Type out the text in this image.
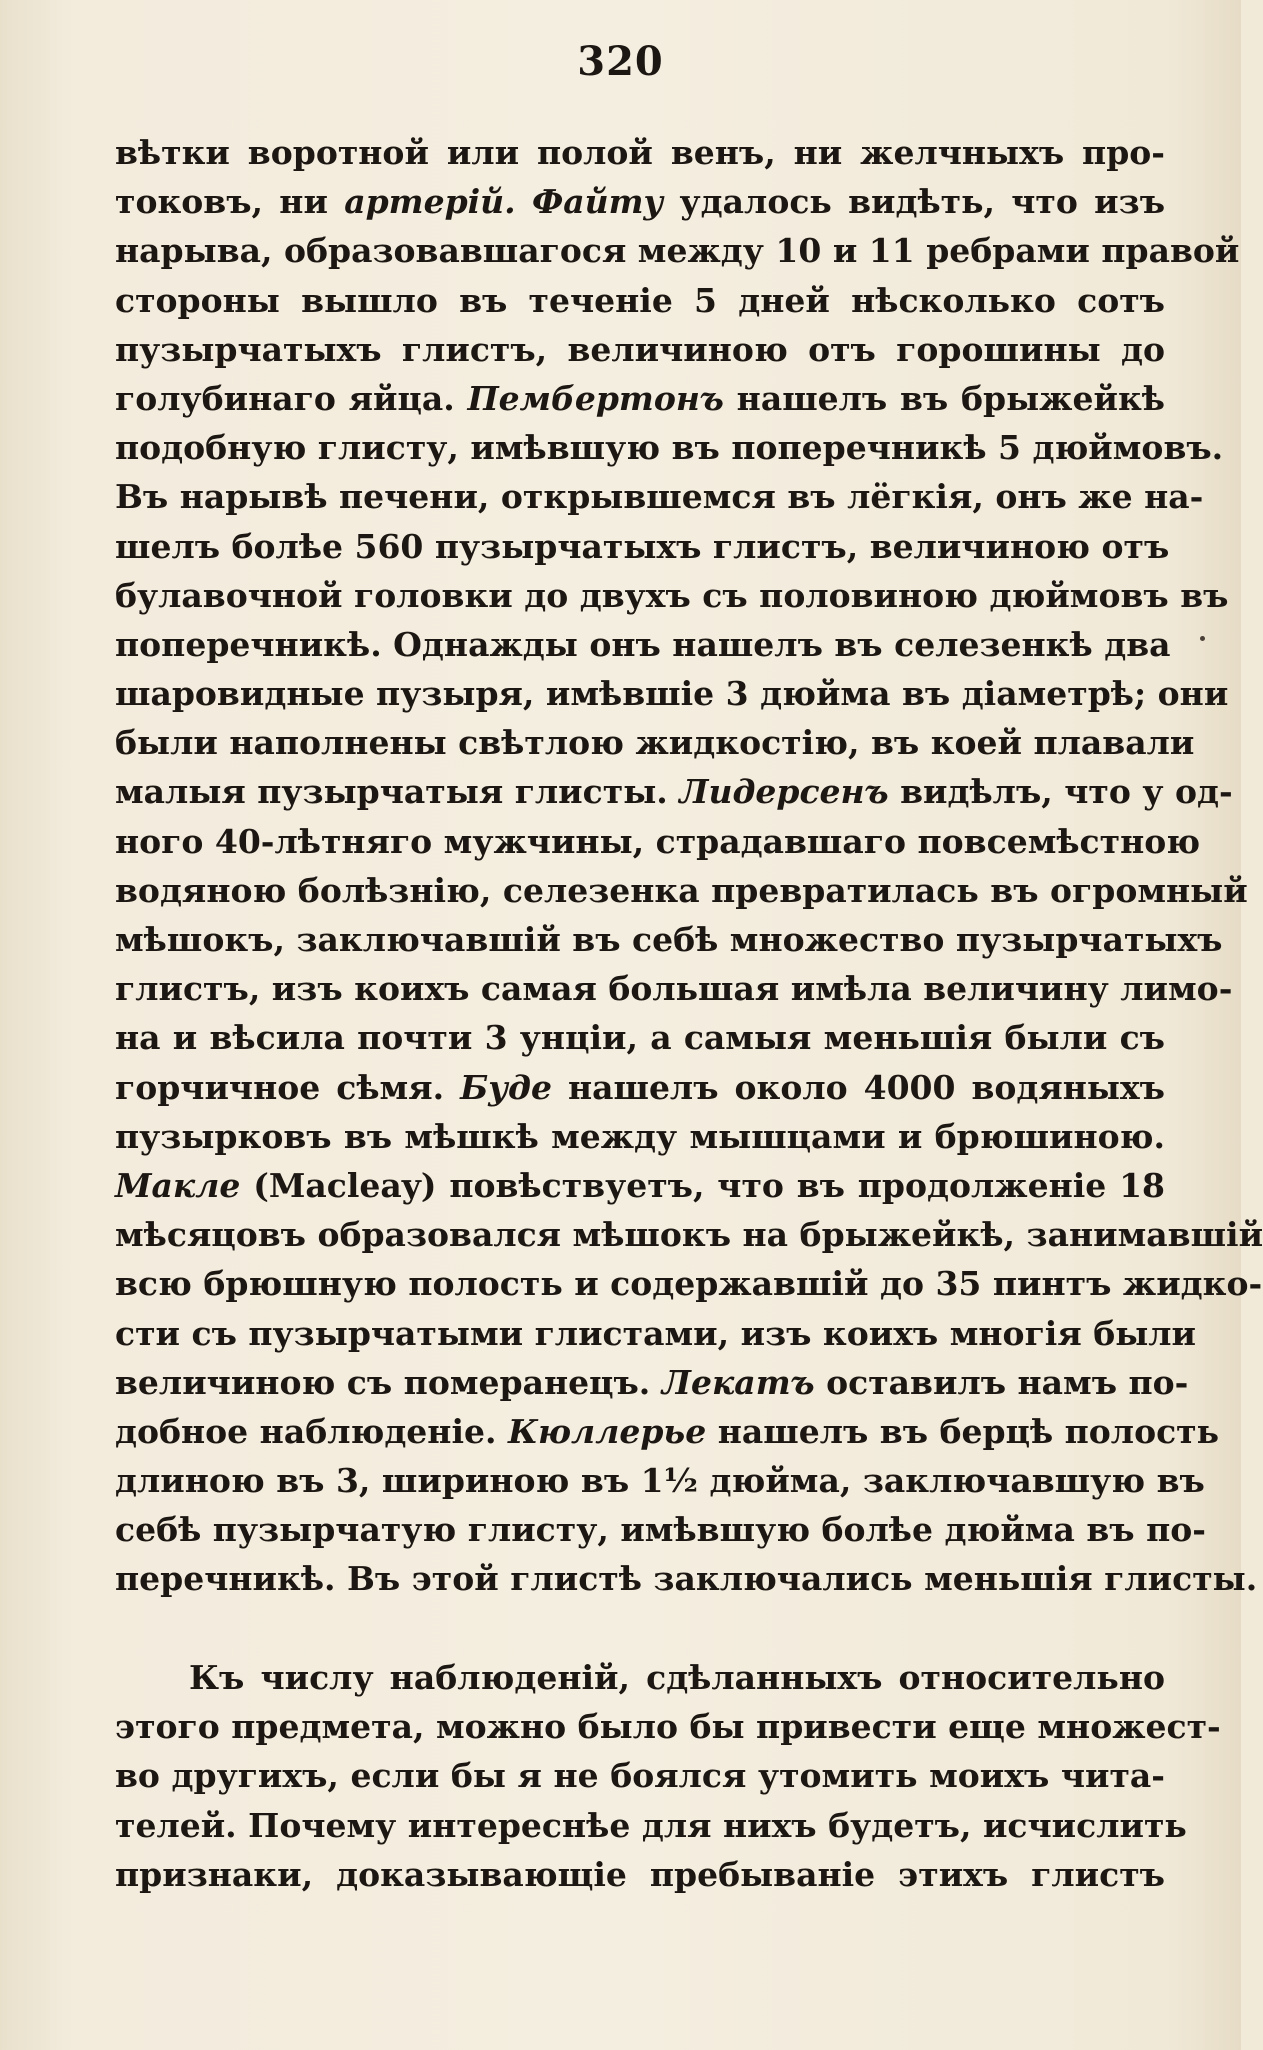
320
вѣтки воротной или полой венъ, ни желчныхъ про-
токовъ, ни артерій. Файту удалось видѣть, что изъ
нарыва, образовавшагося между 10 и 11 ребрами правой
стороны вышло въ теченіе 5 дней нѣсколько сотъ
пузырчатыхъ глистъ, величиною отъ горошины до
голубинаго яйца. Пембертонъ нашелъ въ брыжейкѣ
подобную глисту, имѣвшую въ поперечникѣ 5 дюймовъ.
Въ нарывѣ печени, открывшемся въ лёгкія, онъ же на-
шелъ болѣе 560 пузырчатыхъ глистъ, величиною отъ
булавочной головки до двухъ съ половиною дюймовъ въ
поперечникѣ. Однажды онъ нашелъ въ селезенкѣ два
шаровидные пузыря, имѣвшіе 3 дюйма въ діаметрѣ; они
были наполнены свѣтлою жидкостію, въ коей плавали
малыя пузырчатыя глисты. Лидерсенъ видѣлъ, что у од-
ного 40-лѣтняго мужчины, страдавшаго повсемѣстною
водяною болѣзнію, селезенка превратилась въ огромный
мѣшокъ, заключавшій въ себѣ множество пузырчатыхъ
глистъ, изъ коихъ самая большая имѣла величину лимо-
на и вѣсила почти 3 унціи, а самыя меньшія были съ
горчичное сѣмя. Буде нашелъ около 4000 водяныхъ
пузырковъ въ мѣшкѣ между мышцами и брюшиною.
Макле (Macleay) повѣствуетъ, что въ продолженіе 18
мѣсяцовъ образовался мѣшокъ на брыжейкѣ, занимавшій
всю брюшную полость и содержавшій до 35 пинтъ жидко-
сти съ пузырчатыми глистами, изъ коихъ многія были
величиною съ померанецъ. Лекатъ оставилъ намъ по-
добное наблюденіе. Кюллерье нашелъ въ берцѣ полость
длиною въ 3, шириною въ 1½ дюйма, заключавшую въ
себѣ пузырчатую глисту, имѣвшую болѣе дюйма въ по-
перечникѣ. Въ этой глистѣ заключались меньшія глисты.
Къ числу наблюденій, сдѣланныхъ относительно
этого предмета, можно было бы привести еще множест-
во другихъ, если бы я не боялся утомить моихъ чита-
телей. Почему интереснѣе для нихъ будетъ, исчислить
признаки, доказывающіе пребываніе этихъ глистъ
